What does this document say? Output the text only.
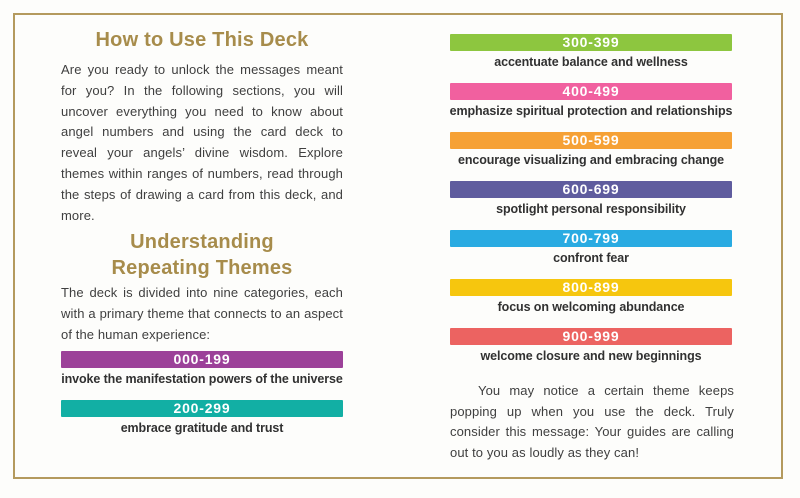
How to Use This Deck

Are you ready to unlock the messages meant for you? In the following sections, you will uncover everything you need to know about angel numbers and using the card deck to reveal your angels’ divine wisdom. Explore themes within ranges of numbers, read through the steps of drawing a card from this deck, and more.

Understanding
Repeating Themes

The deck is divided into nine categories, each with a primary theme that connects to an aspect of the human experience:

000-199
invoke the manifestation powers of the universe
200-299
embrace gratitude and trust
300-399
accentuate balance and wellness
400-499
emphasize spiritual protection and relationships
500-599
encourage visualizing and embracing change
600-699
spotlight personal responsibility
700-799
confront fear
800-899
focus on welcoming abundance
900-999
welcome closure and new beginnings

You may notice a certain theme keeps popping up when you use the deck. Truly consider this message: Your guides are calling out to you as loudly as they can!
